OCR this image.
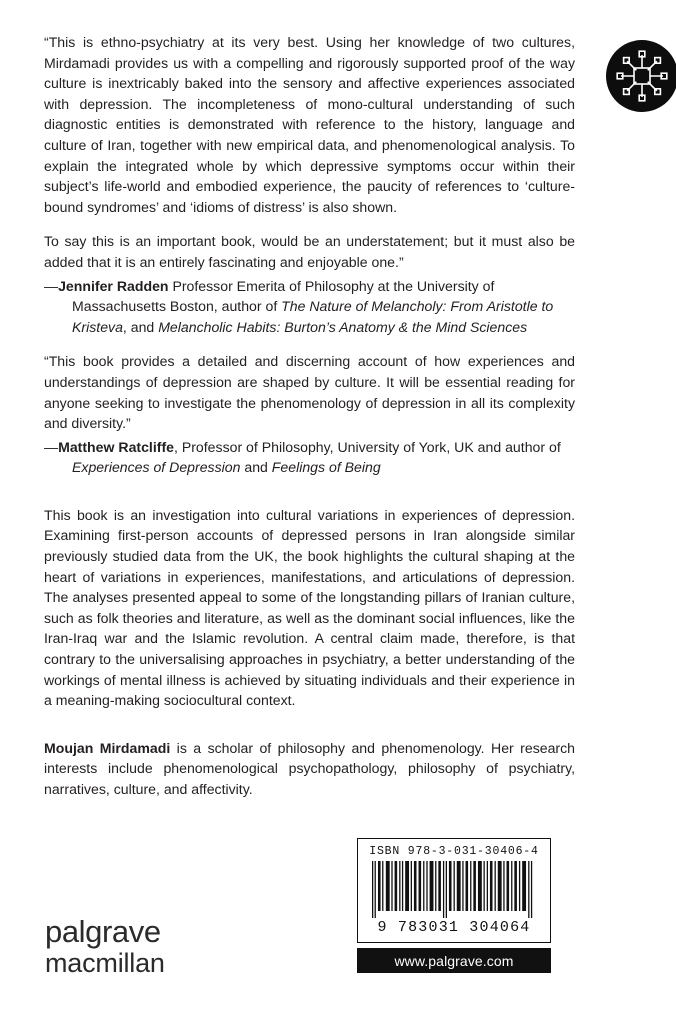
“This is ethno-psychiatry at its very best. Using her knowledge of two cultures, Mirdamadi provides us with a compelling and rigorously supported proof of the way culture is inextricably baked into the sensory and affective experiences associated with depression. The incompleteness of mono-cultural understanding of such diagnostic entities is demonstrated with reference to the history, language and culture of Iran, together with new empirical data, and phenomenological analysis. To explain the integrated whole by which depressive symptoms occur within their subject’s life-world and embodied experience, the paucity of references to ‘culture-bound syndromes’ and ‘idioms of distress’ is also shown.

To say this is an important book, would be an understatement; but it must also be added that it is an entirely fascinating and enjoyable one.”

—Jennifer Radden Professor Emerita of Philosophy at the University of Massachusetts Boston, author of The Nature of Melancholy: From Aristotle to Kristeva, and Melancholic Habits: Burton’s Anatomy & the Mind Sciences

“This book provides a detailed and discerning account of how experiences and understandings of depression are shaped by culture. It will be essential reading for anyone seeking to investigate the phenomenology of depression in all its complexity and diversity.”

—Matthew Ratcliffe, Professor of Philosophy, University of York, UK and author of Experiences of Depression and Feelings of Being

This book is an investigation into cultural variations in experiences of depression. Examining first-person accounts of depressed persons in Iran alongside similar previously studied data from the UK, the book highlights the cultural shaping at the heart of variations in experiences, manifestations, and articulations of depression. The analyses presented appeal to some of the longstanding pillars of Iranian culture, such as folk theories and literature, as well as the dominant social influences, like the Iran-Iraq war and the Islamic revolution. A central claim made, therefore, is that contrary to the universalising approaches in psychiatry, a better understanding of the workings of mental illness is achieved by situating individuals and their experience in a meaning-making sociocultural context.

Moujan Mirdamadi is a scholar of philosophy and phenomenology. Her research interests include phenomenological psychopathology, philosophy of psychiatry, narratives, culture, and affectivity.

palgrave
macmillan
ISBN 978-3-031-30406-4
9 783031 304064
www.palgrave.com
